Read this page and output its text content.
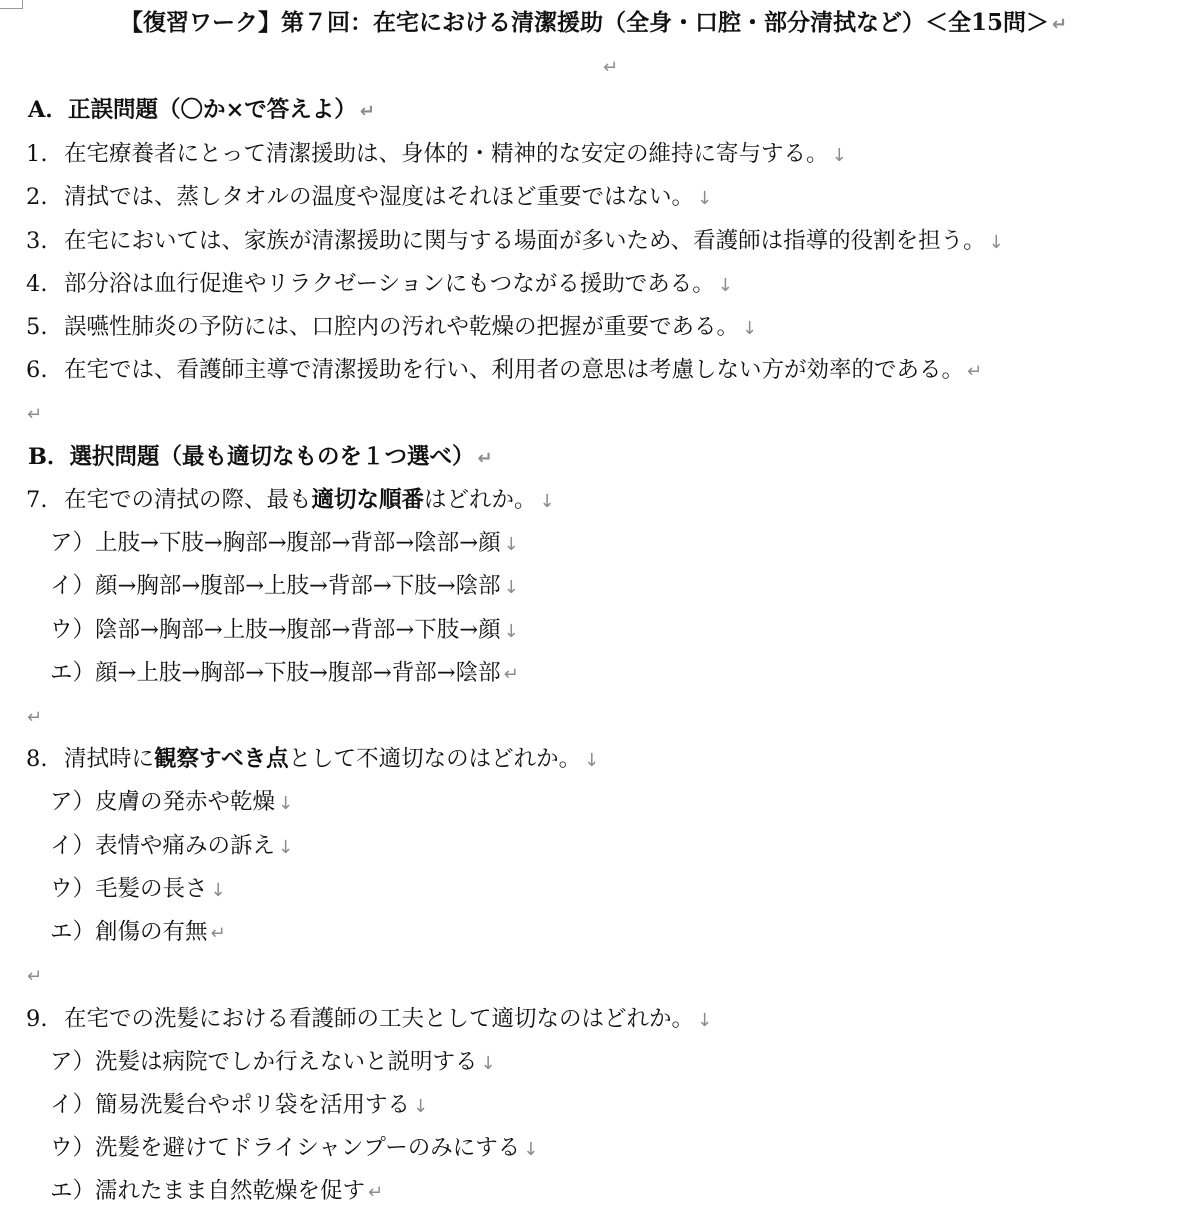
【復習ワーク】第７回：在宅における清潔援助（全身・口腔・部分清拭など）＜全15問＞ ↵
↵
A．正誤問題（〇か×で答えよ） ↵
1. 在宅療養者にとって清潔援助は、身体的・精神的な安定の維持に寄与する。 ↓
2. 清拭では、蒸しタオルの温度や湿度はそれほど重要ではない。 ↓
3. 在宅においては、家族が清潔援助に関与する場面が多いため、看護師は指導的役割を担う。 ↓
4. 部分浴は血行促進やリラクゼーションにもつながる援助である。 ↓
5. 誤嚥性肺炎の予防には、口腔内の汚れや乾燥の把握が重要である。 ↓
6. 在宅では、看護師主導で清潔援助を行い、利用者の意思は考慮しない方が効率的である。 ↵
↵
B．選択問題（最も適切なものを１つ選べ） ↵
7. 在宅での清拭の際、最も適切な順番はどれか。 ↓
ア）上肢→下肢→胸部→腹部→背部→陰部→顔 ↓
イ）顔→胸部→腹部→上肢→背部→下肢→陰部 ↓
ウ）陰部→胸部→上肢→腹部→背部→下肢→顔 ↓
エ）顔→上肢→胸部→下肢→腹部→背部→陰部 ↵
↵
8. 清拭時に観察すべき点として不適切なのはどれか。 ↓
ア）皮膚の発赤や乾燥 ↓
イ）表情や痛みの訴え ↓
ウ）毛髪の長さ ↓
エ）創傷の有無 ↵
↵
9. 在宅での洗髪における看護師の工夫として適切なのはどれか。 ↓
ア）洗髪は病院でしか行えないと説明する ↓
イ）簡易洗髪台やポリ袋を活用する ↓
ウ）洗髪を避けてドライシャンプーのみにする ↓
エ）濡れたまま自然乾燥を促す ↵
